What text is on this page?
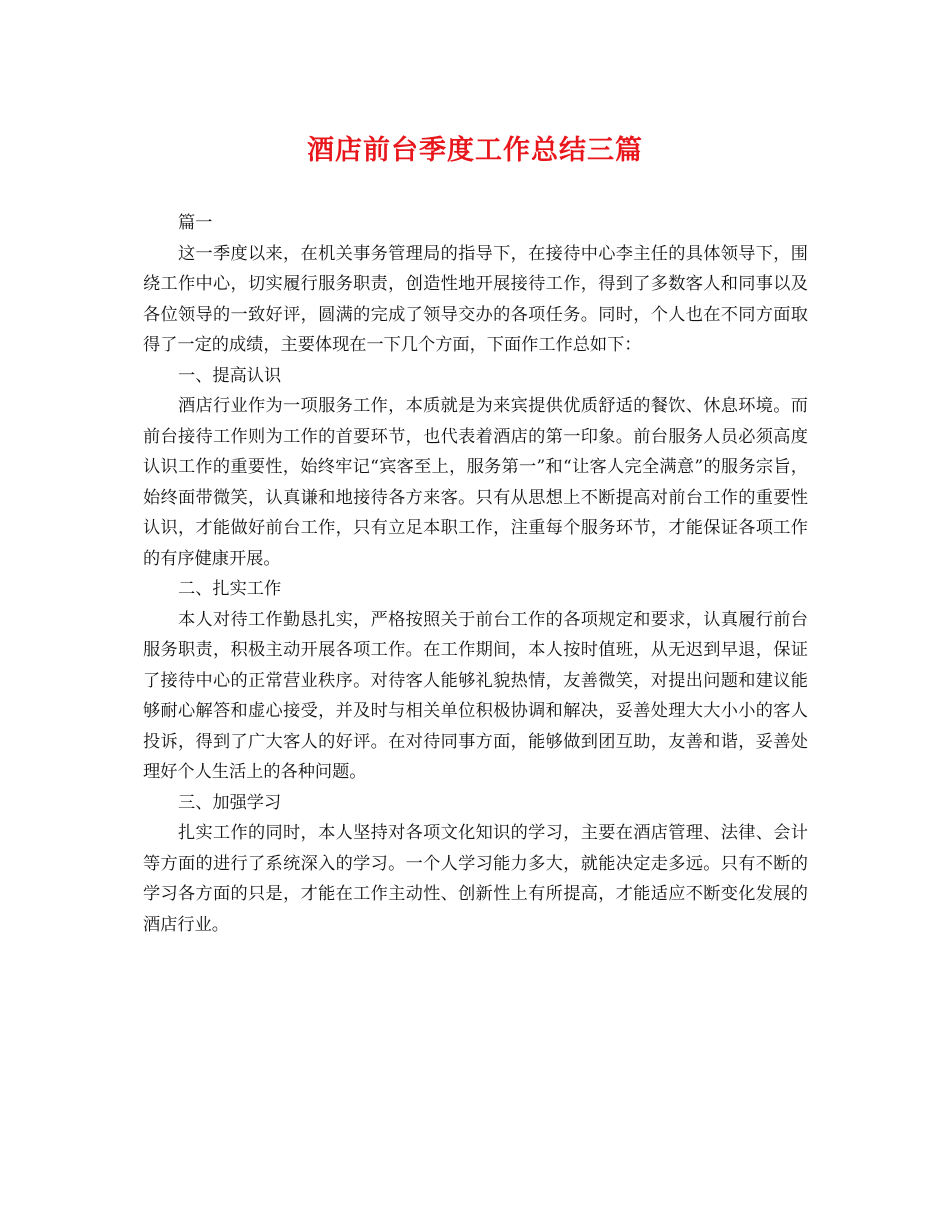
酒店前台季度工作总结三篇

篇一

这一季度以来，在机关事务管理局的指导下，在接待中心李主任的具体领导下，围绕工作中心，切实履行服务职责，创造性地开展接待工作，得到了多数客人和同事以及各位领导的一致好评，圆满的完成了领导交办的各项任务。同时，个人也在不同方面取得了一定的成绩，主要体现在一下几个方面，下面作工作总如下：

一、提高认识

酒店行业作为一项服务工作，本质就是为来宾提供优质舒适的餐饮、休息环境。而前台接待工作则为工作的首要环节，也代表着酒店的第一印象。前台服务人员必须高度认识工作的重要性，始终牢记“宾客至上，服务第一”和“让客人完全满意”的服务宗旨，始终面带微笑，认真谦和地接待各方来客。只有从思想上不断提高对前台工作的重要性认识，才能做好前台工作，只有立足本职工作，注重每个服务环节，才能保证各项工作的有序健康开展。

二、扎实工作

本人对待工作勤恳扎实，严格按照关于前台工作的各项规定和要求，认真履行前台服务职责，积极主动开展各项工作。在工作期间，本人按时值班，从无迟到早退，保证了接待中心的正常营业秩序。对待客人能够礼貌热情，友善微笑，对提出问题和建议能够耐心解答和虚心接受，并及时与相关单位积极协调和解决，妥善处理大大小小的客人投诉，得到了广大客人的好评。在对待同事方面，能够做到团互助，友善和谐，妥善处理好个人生活上的各种问题。

三、加强学习

扎实工作的同时，本人坚持对各项文化知识的学习，主要在酒店管理、法律、会计等方面的进行了系统深入的学习。一个人学习能力多大，就能决定走多远。只有不断的学习各方面的只是，才能在工作主动性、创新性上有所提高，才能适应不断变化发展的酒店行业。
